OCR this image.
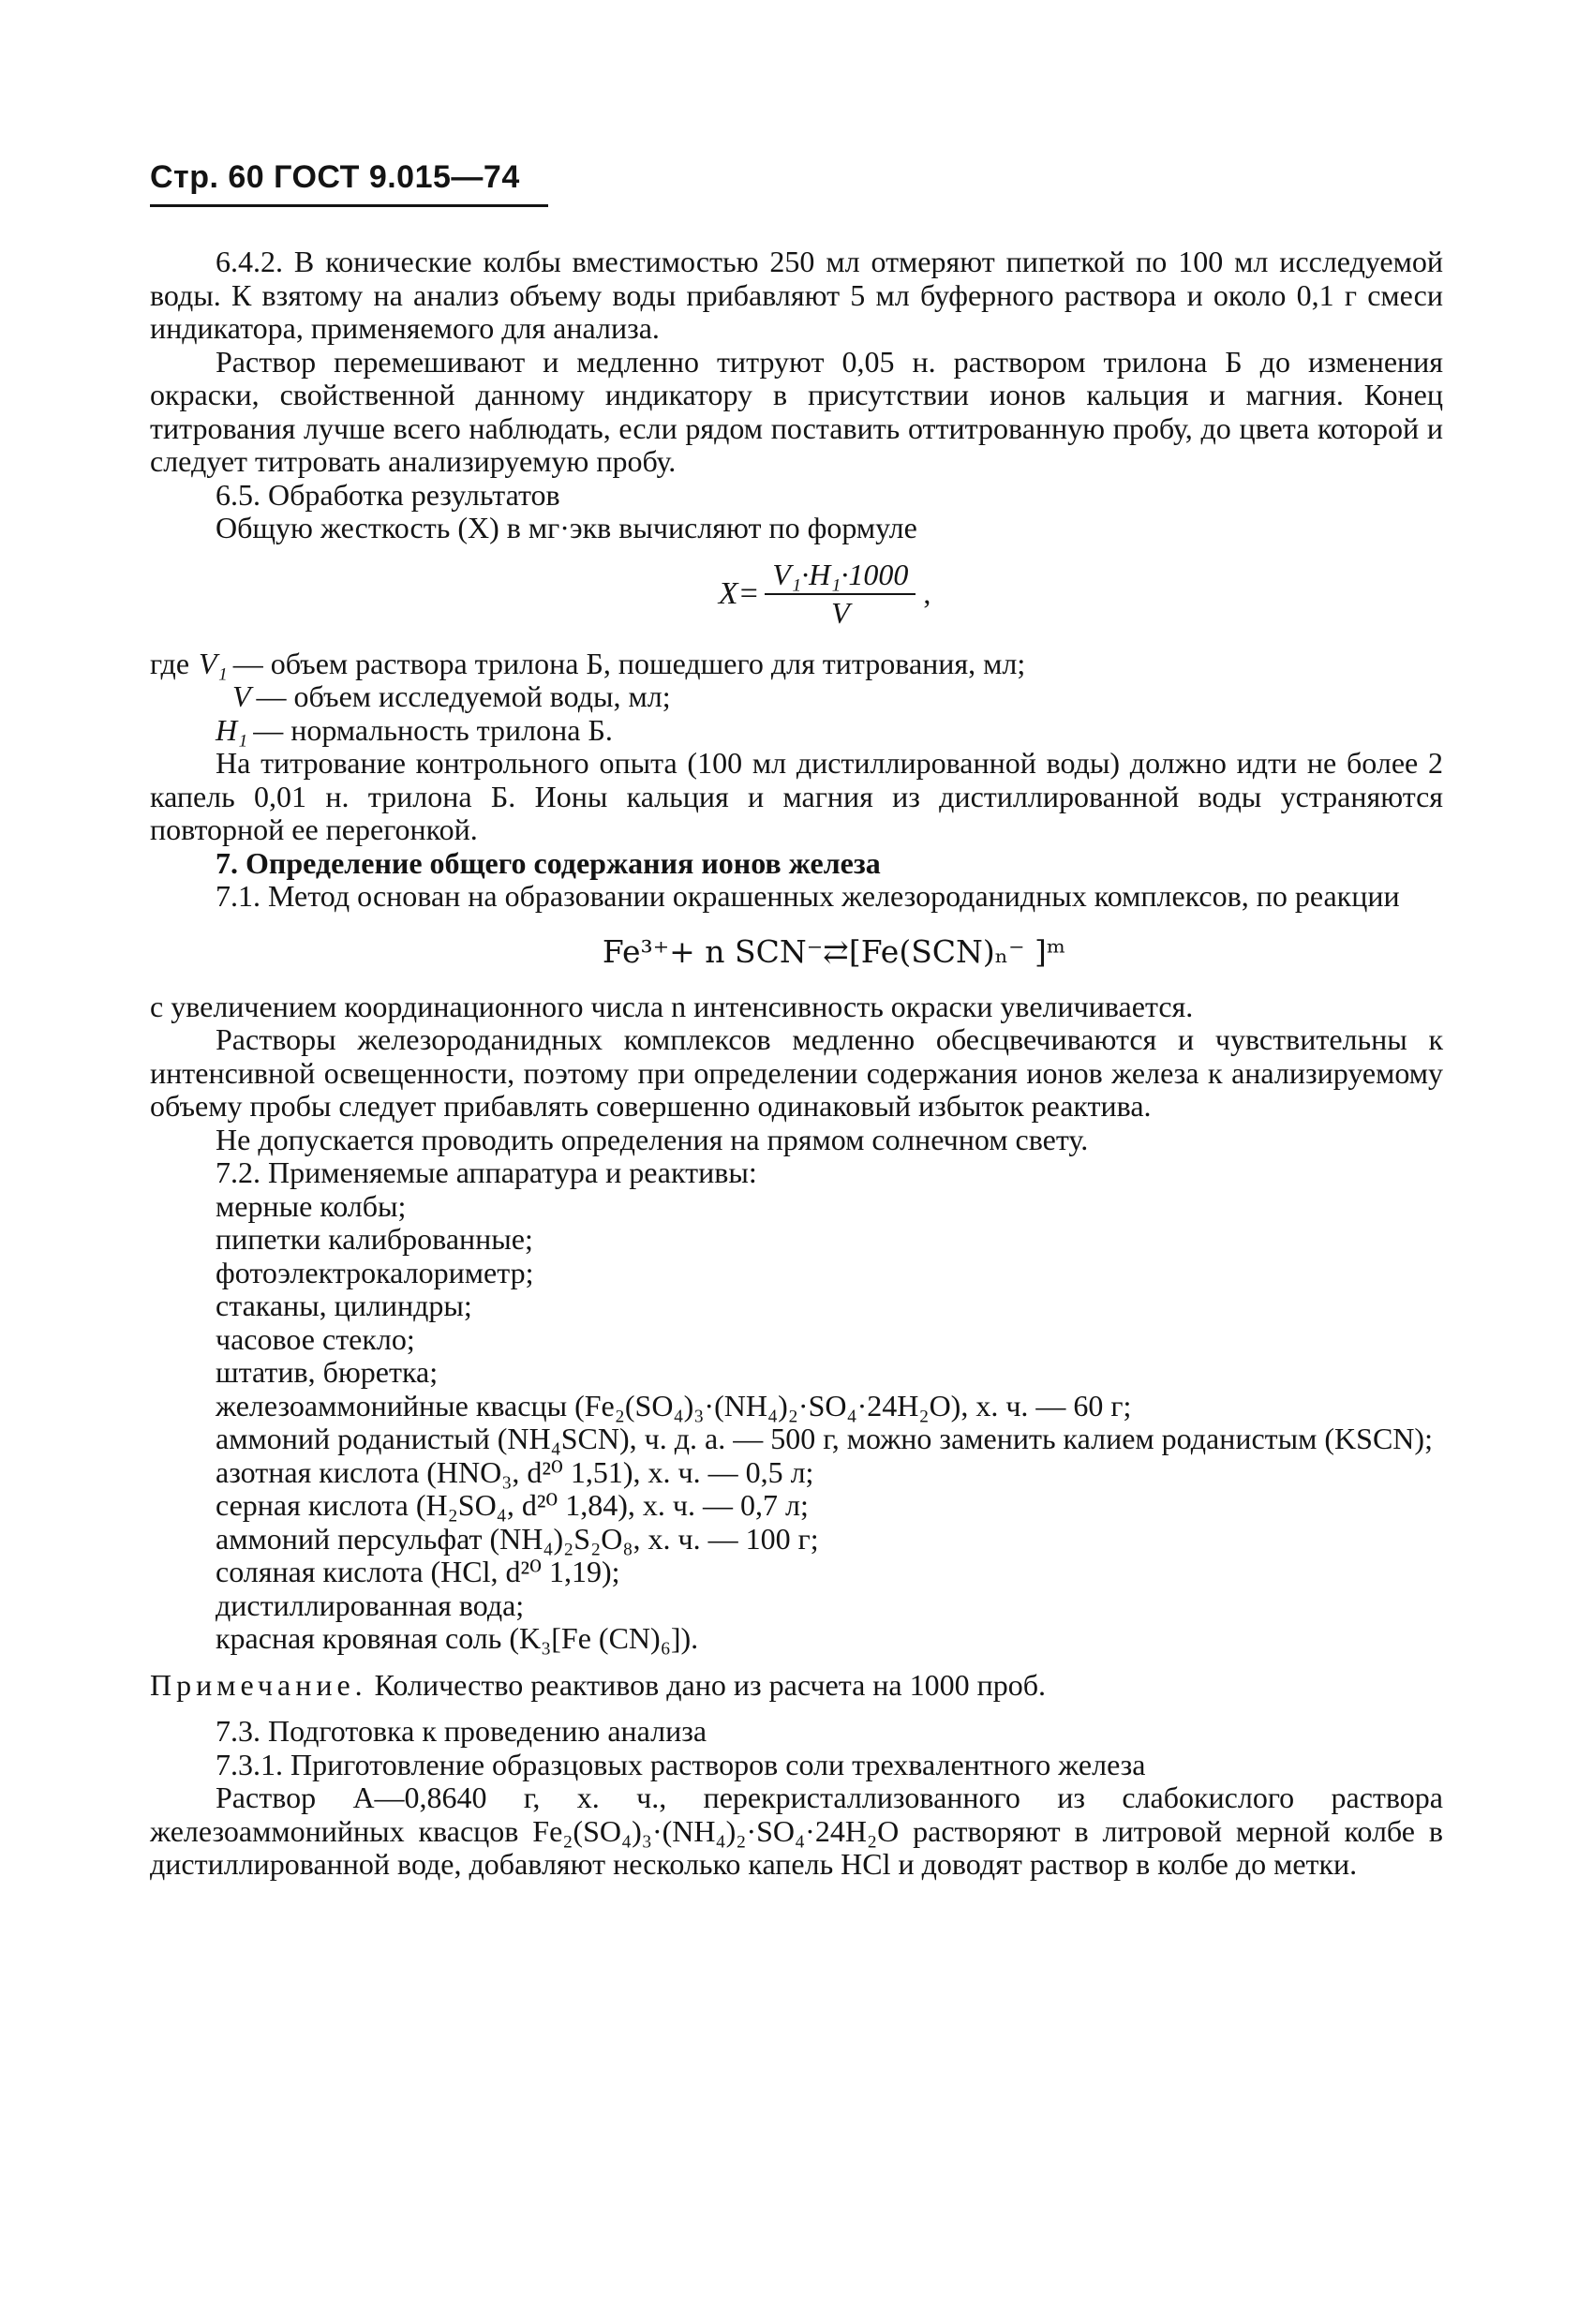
Стр. 60 ГОСТ 9.015—74

6.4.2. В конические колбы вместимостью 250 мл отмеряют пипеткой по 100 мл исследуемой воды. К взятому на анализ объему воды прибавляют 5 мл буферного раствора и около 0,1 г смеси индикатора, применяемого для анализа.

Раствор перемешивают и медленно титруют 0,05 н. раствором трилона Б до изменения окраски, свойственной данному индикатору в присутствии ионов кальция и магния. Конец титрования лучше всего наблюдать, если рядом поставить оттитрованную пробу, до цвета которой и следует титровать анализируемую пробу.

6.5. Обработка результатов

Общую жесткость (X) в мг·экв вычисляют по формуле

$X= \frac{\text{V₁·H₁·1000}}{V}$ ,
где V₁ — объем раствора трилона Б, пошедшего для титрования, мл;
V — объем исследуемой воды, мл;
H₁ — нормальность трилона Б.

На титрование контрольного опыта (100 мл дистиллированной воды) должно идти не более 2 капель 0,01 н. трилона Б. Ионы кальция и магния из дистиллированной воды устраняются повторной ее перегонкой.

7. Определение общего содержания ионов железа

7.1. Метод основан на образовании окрашенных железороданидных комплексов, по реакции

Fe³⁺+ n SCN⁻⇄[Fe(SCN)ₙ⁻ ]ᵐ

с увеличением координационного числа n интенсивность окраски увеличивается.

Растворы железороданидных комплексов медленно обесцвечиваются и чувствительны к интенсивной освещенности, поэтому при определении содержания ионов железа к анализируемому объему пробы следует прибавлять совершенно одинаковый избыток реактива.

Не допускается проводить определения на прямом солнечном свету.

7.2. Применяемые аппаратура и реактивы:

мерные колбы;
пипетки калиброванные;
фотоэлектрокалориметр;
стаканы, цилиндры;
часовое стекло;
штатив, бюретка;
железоаммонийные квасцы (Fe₂(SO₄)₃·(NH₄)₂·SO₄·24H₂O), х. ч. — 60 г;
аммоний роданистый (NH₄SCN), ч. д. а. — 500 г, можно заменить калием роданистым (KSCN);
азотная кислота (HNO₃, d²⁰ 1,51), х. ч. — 0,5 л;
серная кислота (H₂SO₄, d²⁰ 1,84), х. ч. — 0,7 л;
аммоний персульфат (NH₄)₂S₂O₈, х. ч. — 100 г;
соляная кислота (HCl, d²⁰ 1,19);
дистиллированная вода;
красная кровяная соль (K₃[Fe (CN)₆]).

Примечание. Количество реактивов дано из расчета на 1000 проб.

7.3. Подготовка к проведению анализа

7.3.1. Приготовление образцовых растворов соли трехвалентного железа

Раствор А—0,8640 г, х. ч., перекристаллизованного из слабокислого раствора железоаммонийных квасцов Fe₂(SO₄)₃·(NH₄)₂·SO₄·24H₂O растворяют в литровой мерной колбе в дистиллированной воде, добавляют несколько капель HCl и доводят раствор в колбе до метки.
